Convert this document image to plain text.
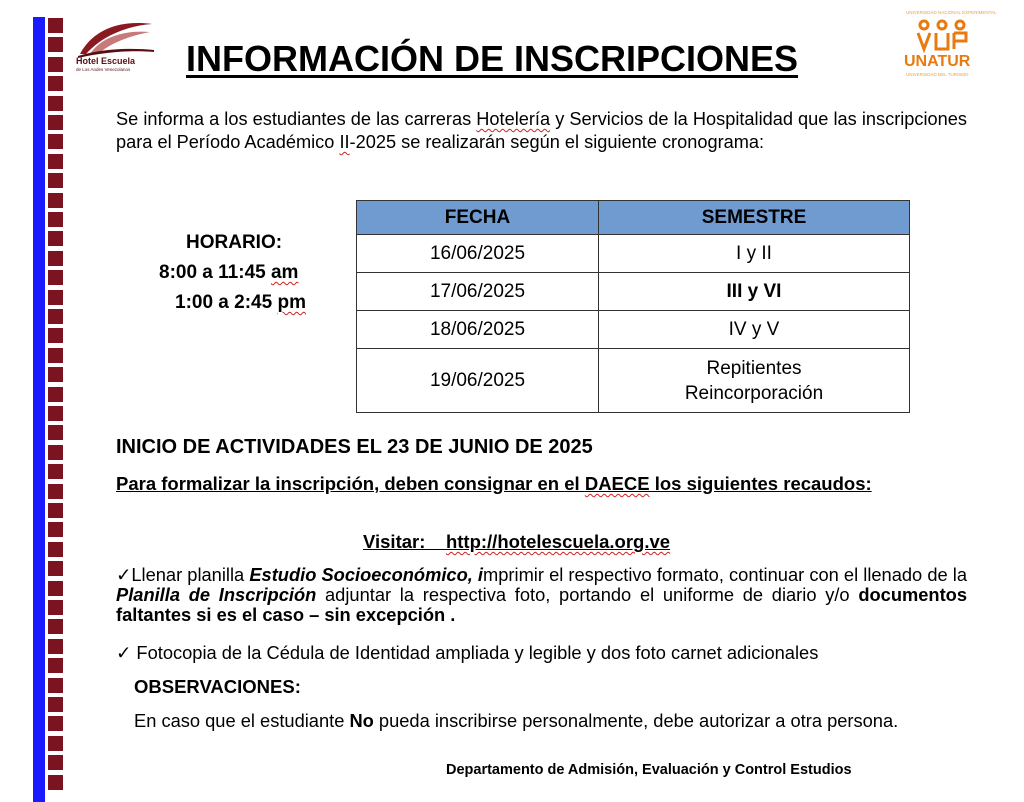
Hotel Escuela
de Los Andes Venezolanos
UNIVERSIDAD NACIONAL EXPERIMENTAL
UNATUR
UNIVERSIDAD DEL TURISMO
INFORMACIÓN DE INSCRIPCIONES
Se informa a los estudiantes de las carreras Hotelería y Servicios de la Hospitalidad que las inscripciones para el Período Académico II-2025 se realizarán según el siguiente cronograma:
HORARIO:
8:00 a 11:45 am
1:00 a 2:45 pm
FECHA	SEMESTRE
16/06/2025	I y II
17/06/2025	III y VI
18/06/2025	IV y V
19/06/2025	Repitientes
Reincorporación
INICIO DE ACTIVIDADES EL 23 DE JUNIO DE 2025
Para formalizar la inscripción, deben consignar en el DAECE los siguientes recaudos:
Visitar:    http://hotelescuela.org.ve
✓Llenar planilla Estudio Socioeconómico, imprimir el respectivo formato, continuar con el llenado de la Planilla de Inscripción adjuntar la respectiva foto, portando el uniforme de diario y/o documentos faltantes si es el caso – sin excepción .
✓ Fotocopia de la Cédula de Identidad ampliada y legible y dos foto carnet adicionales
OBSERVACIONES:
En caso que el estudiante No pueda inscribirse personalmente, debe autorizar a otra persona.
Departamento de Admisión, Evaluación y Control Estudios
